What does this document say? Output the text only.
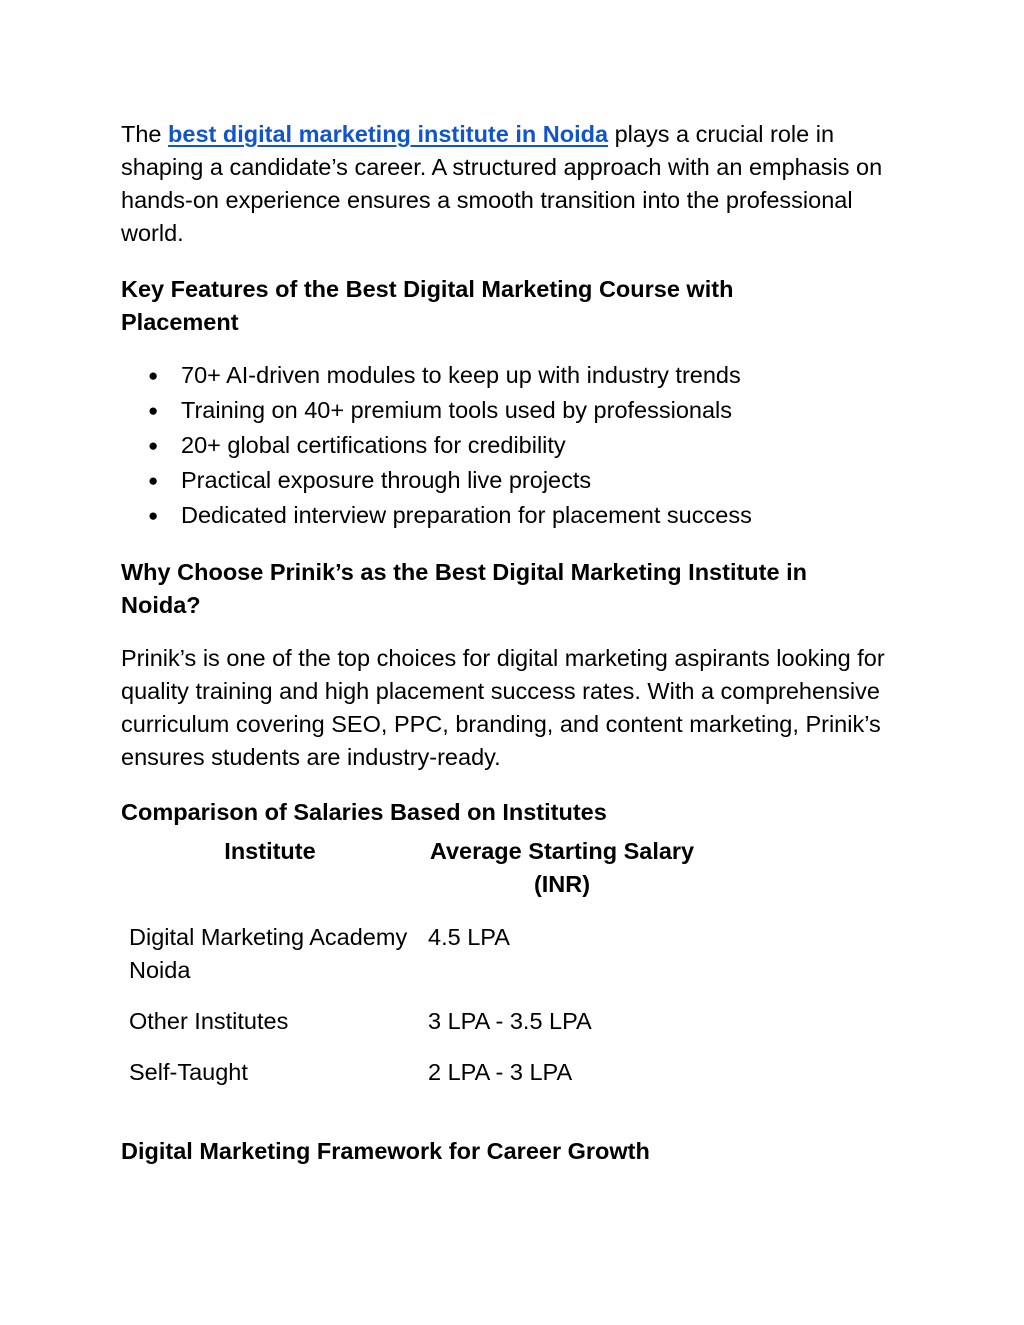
The best digital marketing institute in Noida plays a crucial role in shaping a candidate’s career. A structured approach with an emphasis on hands-on experience ensures a smooth transition into the professional world.

Key Features of the Best Digital Marketing Course with Placement
● 70+ AI-driven modules to keep up with industry trends
● Training on 40+ premium tools used by professionals
● 20+ global certifications for credibility
● Practical exposure through live projects
● Dedicated interview preparation for placement success
Why Choose Prinik’s as the Best Digital Marketing Institute in Noida?

Prinik’s is one of the top choices for digital marketing aspirants looking for quality training and high placement success rates. With a comprehensive curriculum covering SEO, PPC, branding, and content marketing, Prinik’s ensures students are industry-ready.

Comparison of Salaries Based on Institutes
Institute	Average Starting Salary (INR)
Digital Marketing Academy Noida	4.5 LPA
Other Institutes	3 LPA - 3.5 LPA
Self-Taught	2 LPA - 3 LPA
Digital Marketing Framework for Career Growth
